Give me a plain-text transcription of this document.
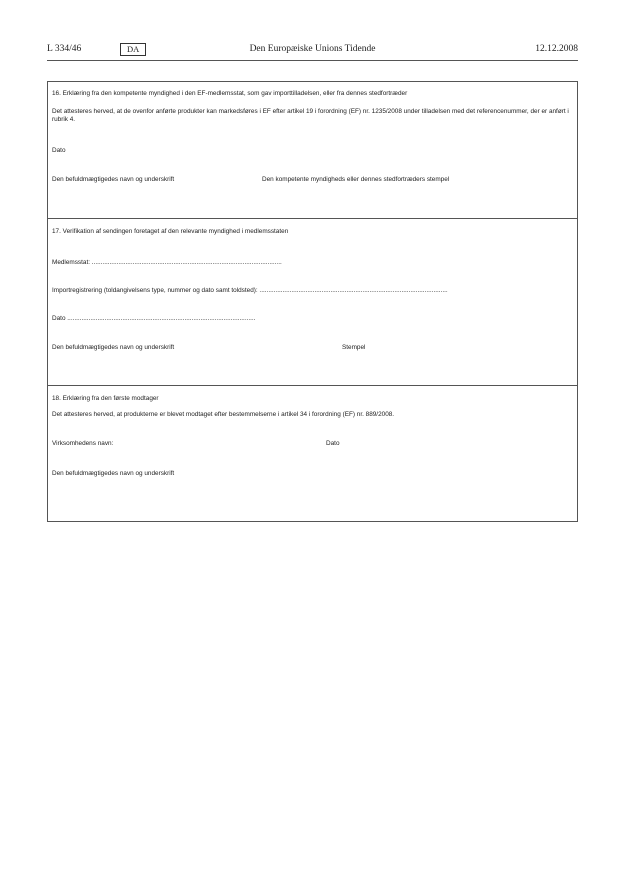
L 334/46	DA	Den Europæiske Unions Tidende	12.12.2008
16. Erklæring fra den kompetente myndighed i den EF-medlemsstat, som gav importtilladelsen, eller fra dennes stedfortræder
Det attesteres herved, at de ovenfor anførte produkter kan markedsføres i EF efter artikel 19 i forordning (EF) nr. 1235/2008 under tilladelsen med det referencenummer, der er anført i rubrik 4.
Dato
Den befuldmægtigedes navn og underskrift	Den kompetente myndigheds eller dennes stedfortræders stempel
17. Verifikation af sendingen foretaget af den relevante myndighed i medlemsstaten
Medlemsstat: ...........................................................................................................
Importregistrering (toldangivelsens type, nummer og dato samt toldsted): ..........................................................................................................
Dato ..........................................................................................................
Den befuldmægtigedes navn og underskrift	Stempel
18. Erklæring fra den første modtager
Det attesteres herved, at produkterne er blevet modtaget efter bestemmelserne i artikel 34 i forordning (EF) nr. 889/2008.
Virksomhedens navn:	Dato
Den befuldmægtigedes navn og underskrift
